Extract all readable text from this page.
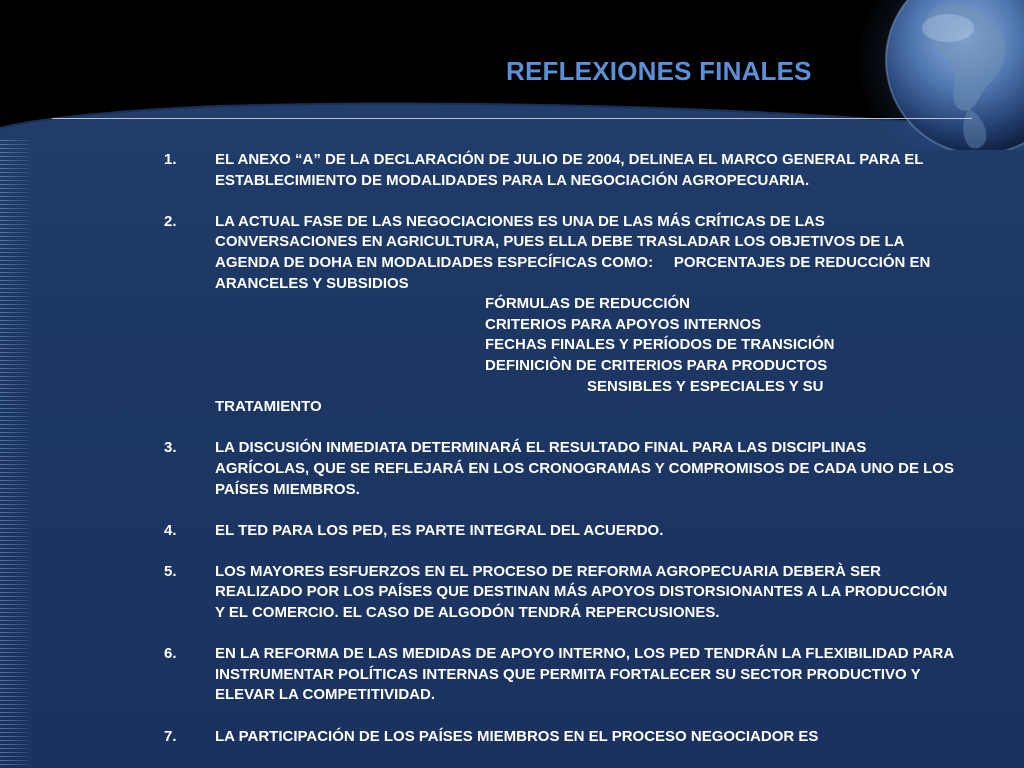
REFLEXIONES FINALES
1.	EL ANEXO “A” DE LA DECLARACIÓN DE JULIO DE 2004, DELINEA EL MARCO GENERAL PARA EL ESTABLECIMIENTO DE MODALIDADES PARA LA NEGOCIACIÓN AGROPECUARIA.
2.	LA ACTUAL FASE DE LAS NEGOCIACIONES ES UNA DE LAS MÁS CRÍTICAS DE LAS CONVERSACIONES EN AGRICULTURA, PUES ELLA DEBE TRASLADAR LOS OBJETIVOS DE LA AGENDA DE DOHA EN MODALIDADES ESPECÍFICAS COMO:     PORCENTAJES DE REDUCCIÓN EN ARANCELES Y SUBSIDIOS
FÓRMULAS DE REDUCCIÓN
CRITERIOS PARA APOYOS INTERNOS
FECHAS FINALES Y PERÍODOS DE TRANSICIÓN
DEFINICIÒN DE CRITERIOS PARA PRODUCTOS
SENSIBLES Y ESPECIALES Y SU
TRATAMIENTO
3.	LA DISCUSIÓN INMEDIATA DETERMINARÁ EL RESULTADO FINAL PARA LAS DISCIPLINAS AGRÍCOLAS, QUE SE REFLEJARÁ EN LOS CRONOGRAMAS Y COMPROMISOS DE CADA UNO DE LOS PAÍSES MIEMBROS.
4.	EL TED PARA LOS PED, ES PARTE INTEGRAL DEL ACUERDO.
5.	LOS MAYORES ESFUERZOS EN EL PROCESO DE REFORMA AGROPECUARIA DEBERÀ SER REALIZADO POR LOS PAÍSES QUE DESTINAN MÁS APOYOS DISTORSIONANTES A LA PRODUCCIÓN Y EL COMERCIO. EL CASO DE ALGODÓN TENDRÁ REPERCUSIONES.
6.	EN LA REFORMA DE LAS MEDIDAS DE APOYO INTERNO, LOS PED TENDRÁN LA FLEXIBILIDAD PARA INSTRUMENTAR POLÍTICAS INTERNAS QUE PERMITA FORTALECER SU SECTOR PRODUCTIVO Y ELEVAR LA COMPETITIVIDAD.
7.	LA PARTICIPACIÓN DE LOS PAÍSES MIEMBROS EN EL PROCESO NEGOCIADOR ES
